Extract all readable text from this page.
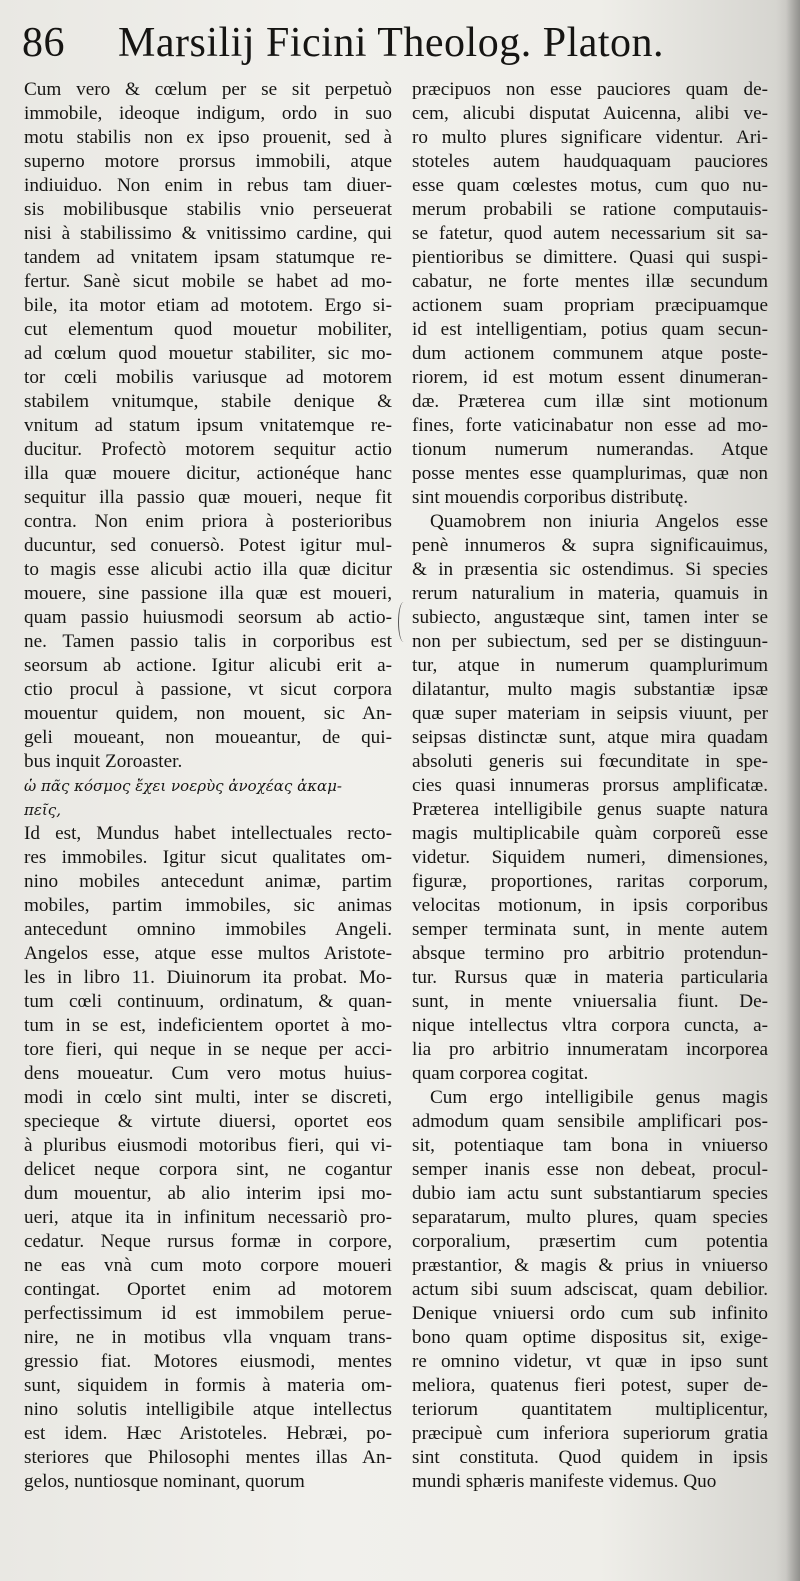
86 Marsilij Ficini Theolog. Platon.
Cum vero & cœlum per se sit perpetuò
immobile, ideoque indigum, ordo in suo
motu stabilis non ex ipso prouenit, sed à
superno motore prorsus immobili, atque
indiuiduo. Non enim in rebus tam diuer-
sis mobilibusque stabilis vnio perseuerat
nisi à stabilissimo & vnitissimo cardine, qui
tandem ad vnitatem ipsam statumque re-
fertur. Sanè sicut mobile se habet ad mo-
bile, ita motor etiam ad mototem. Ergo si-
cut elementum quod mouetur mobiliter,
ad cœlum quod mouetur stabiliter, sic mo-
tor cœli mobilis variusque ad motorem
stabilem vnitumque, stabile denique &
vnitum ad statum ipsum vnitatemque re-
ducitur. Profectò motorem sequitur actio
illa quæ mouere dicitur, actionéque hanc
sequitur illa passio quæ moueri, neque fit
contra. Non enim priora à posterioribus
ducuntur, sed conuersò. Potest igitur mul-
to magis esse alicubi actio illa quæ dicitur
mouere, sine passione illa quæ est moueri,
quam passio huiusmodi seorsum ab actio-
ne. Tamen passio talis in corporibus est
seorsum ab actione. Igitur alicubi erit a-
ctio procul à passione, vt sicut corpora
mouentur quidem, non mouent, sic An-
geli moueant, non moueantur, de qui-
bus inquit Zoroaster.
ὡ πᾶς κόσμος ἔχει νοερὺς ἀνοχέας ἀκαμ-
πεῖς,
Id est, Mundus habet intellectuales recto-
res immobiles. Igitur sicut qualitates om-
nino mobiles antecedunt animæ, partim
mobiles, partim immobiles, sic animas
antecedunt omnino immobiles Angeli.
Angelos esse, atque esse multos Aristote-
les in libro 11. Diuinorum ita probat. Mo-
tum cœli continuum, ordinatum, & quan-
tum in se est, indeficientem oportet à mo-
tore fieri, qui neque in se neque per acci-
dens moueatur. Cum vero motus huius-
modi in cœlo sint multi, inter se discreti,
specieque & virtute diuersi, oportet eos
à pluribus eiusmodi motoribus fieri, qui vi-
delicet neque corpora sint, ne cogantur
dum mouentur, ab alio interim ipsi mo-
ueri, atque ita in infinitum necessariò pro-
cedatur. Neque rursus formæ in corpore,
ne eas vnà cum moto corpore moueri
contingat. Oportet enim ad motorem
perfectissimum id est immobilem perue-
nire, ne in motibus vlla vnquam trans-
gressio fiat. Motores eiusmodi, mentes
sunt, siquidem in formis à materia om-
nino solutis intelligibile atque intellectus
est idem. Hæc Aristoteles. Hebræi, po-
steriores que Philosophi mentes illas An-
gelos, nuntiosque nominant, quorum
præcipuos non esse pauciores quam de-
cem, alicubi disputat Auicenna, alibi ve-
ro multo plures significare videntur. Ari-
stoteles autem haudquaquam pauciores
esse quam cœlestes motus, cum quo nu-
merum probabili se ratione computauis-
se fatetur, quod autem necessarium sit sa-
pientioribus se dimittere. Quasi qui suspi-
cabatur, ne forte mentes illæ secundum
actionem suam propriam præcipuamque
id est intelligentiam, potius quam secun-
dum actionem communem atque poste-
riorem, id est motum essent dinumeran-
dæ. Præterea cum illæ sint motionum
fines, forte vaticinabatur non esse ad mo-
tionum numerum numerandas. Atque
posse mentes esse quamplurimas, quæ non
sint mouendis corporibus distributę.
Quamobrem non iniuria Angelos esse
penè innumeros & supra significauimus,
& in præsentia sic ostendimus. Si species
rerum naturalium in materia, quamuis in
subiecto, angustæque sint, tamen inter se
non per subiectum, sed per se distinguun-
tur, atque in numerum quamplurimum
dilatantur, multo magis substantiæ ipsæ
quæ super materiam in seipsis viuunt, per
seipsas distinctæ sunt, atque mira quadam
absoluti generis sui fœcunditate in spe-
cies quasi innumeras prorsus amplificatæ.
Præterea intelligibile genus suapte natura
magis multiplicabile quàm corporeũ esse
videtur. Siquidem numeri, dimensiones,
figuræ, proportiones, raritas corporum,
velocitas motionum, in ipsis corporibus
semper terminata sunt, in mente autem
absque termino pro arbitrio protendun-
tur. Rursus quæ in materia particularia
sunt, in mente vniuersalia fiunt. De-
nique intellectus vltra corpora cuncta, a-
lia pro arbitrio innumeratam incorporea
quam corporea cogitat.
Cum ergo intelligibile genus magis
admodum quam sensibile amplificari pos-
sit, potentiaque tam bona in vniuerso
semper inanis esse non debeat, procul-
dubio iam actu sunt substantiarum species
separatarum, multo plures, quam species
corporalium, præsertim cum potentia
præstantior, & magis & prius in vniuerso
actum sibi suum adsciscat, quam debilior.
Denique vniuersi ordo cum sub infinito
bono quam optime dispositus sit, exige-
re omnino videtur, vt quæ in ipso sunt
meliora, quatenus fieri potest, super de-
teriorum quantitatem multiplicentur,
præcipuè cum inferiora superiorum gratia
sint constituta. Quod quidem in ipsis
mundi sphæris manifeste videmus. Quo
